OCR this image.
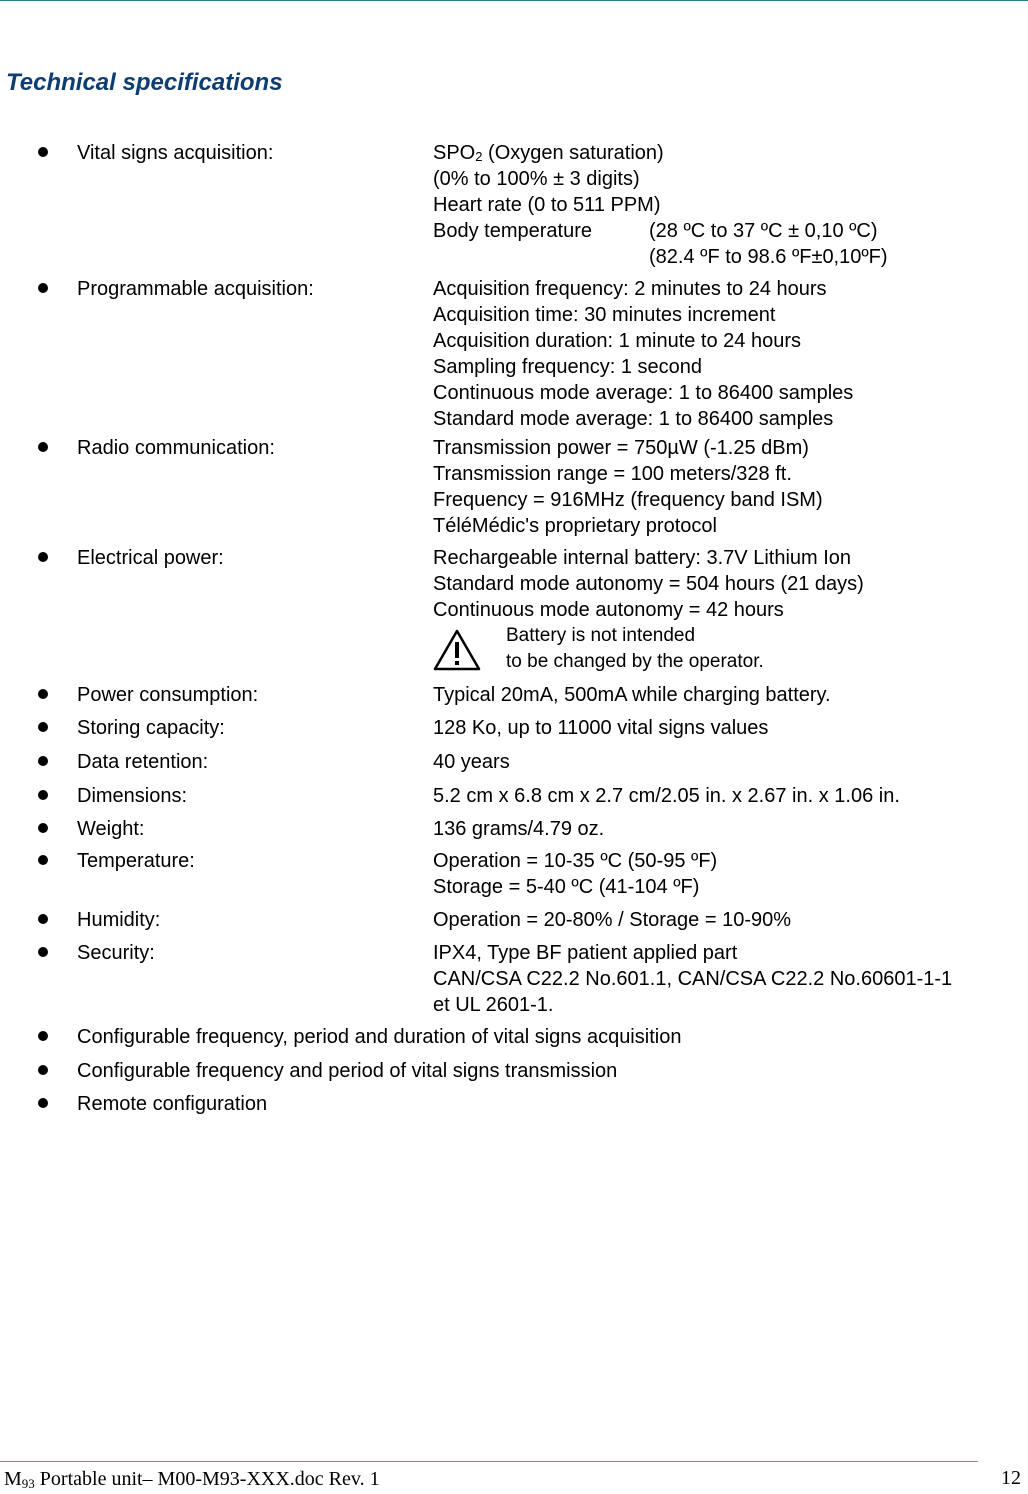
Technical specifications
Vital signs acquisition:	SPO2 (Oxygen saturation)
(0% to 100% ± 3 digits)
Heart rate (0 to 511 PPM)
Body temperature	(28 ºC to 37 ºC ± 0,10 ºC)
(82.4 ºF to 98.6 ºF±0,10ºF)
Programmable acquisition:	Acquisition frequency: 2 minutes to 24 hours
Acquisition time: 30 minutes increment
Acquisition duration: 1 minute to 24 hours
Sampling frequency: 1 second
Continuous mode average: 1 to 86400 samples
Standard mode average: 1 to 86400 samples
Radio communication:	Transmission power = 750µW (-1.25 dBm)
Transmission range = 100 meters/328 ft.
Frequency = 916MHz (frequency band ISM)
TéléMédic's proprietary protocol
Electrical power:	Rechargeable internal battery: 3.7V Lithium Ion
Standard mode autonomy = 504 hours (21 days)
Continuous mode autonomy = 42 hours
Battery is not intended
to be changed by the operator.
Power consumption:	Typical 20mA, 500mA while charging battery.
Storing capacity:	128 Ko, up to 11000 vital signs values
Data retention:	40 years
Dimensions:	5.2 cm x 6.8 cm x 2.7 cm/2.05 in. x 2.67 in. x 1.06 in.
Weight:	136 grams/4.79 oz.
Temperature:	Operation = 10-35 ºC (50-95 ºF)
Storage = 5-40 ºC (41-104 ºF)
Humidity:	Operation = 20-80% / Storage = 10-90%
Security:	IPX4, Type BF patient applied part
CAN/CSA C22.2 No.601.1, CAN/CSA C22.2 No.60601-1-1
et UL 2601-1.
Configurable frequency, period and duration of vital signs acquisition
Configurable frequency and period of vital signs transmission
Remote configuration
M93 Portable unit– M00-M93-XXX.doc Rev. 1	12
